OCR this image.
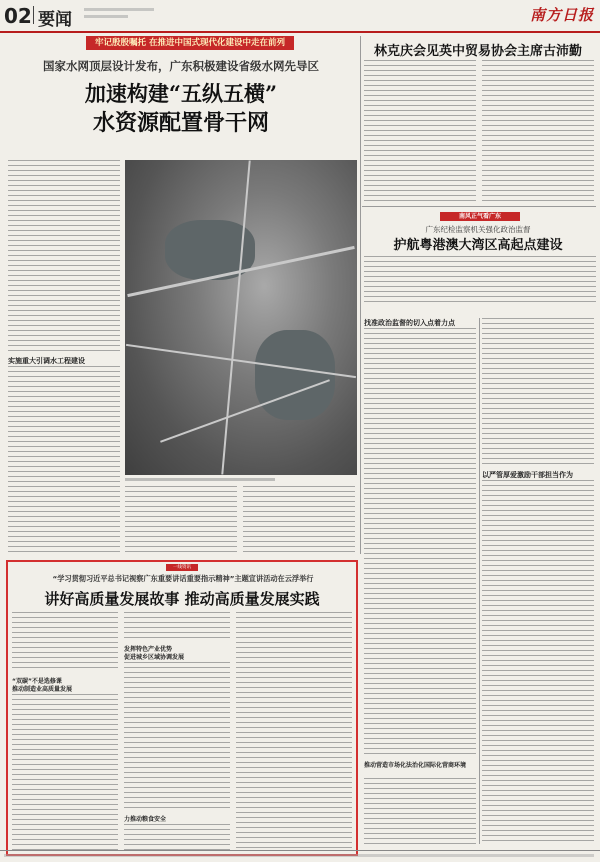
02 要闻	南方日报
牢记殷殷嘱托 在推进中国式现代化建设中走在前列
国家水网顶层设计发布，广东积极建设省级水网先导区
加速构建“五纵五横”
水资源配置骨干网
实施重大引调水工程建设
林克庆会见英中贸易协会主席古沛勤
南风正气看广东
广东纪检监察机关强化政治监督
护航粤港澳大湾区高起点建设
找准政治监督的切入点着力点
以严管厚爱激励干部担当作为
推动营造市场化法治化国际化营商环境
一线资讯
“学习贯彻习近平总书记视察广东重要讲话重要指示精神”主题宣讲活动在云浮举行
讲好高质量发展故事 推动高质量发展实践
“双碳”不是选修课
推动制造业高质量发展
发挥特色产业优势
促进城乡区域协调发展
力推动粮食安全
